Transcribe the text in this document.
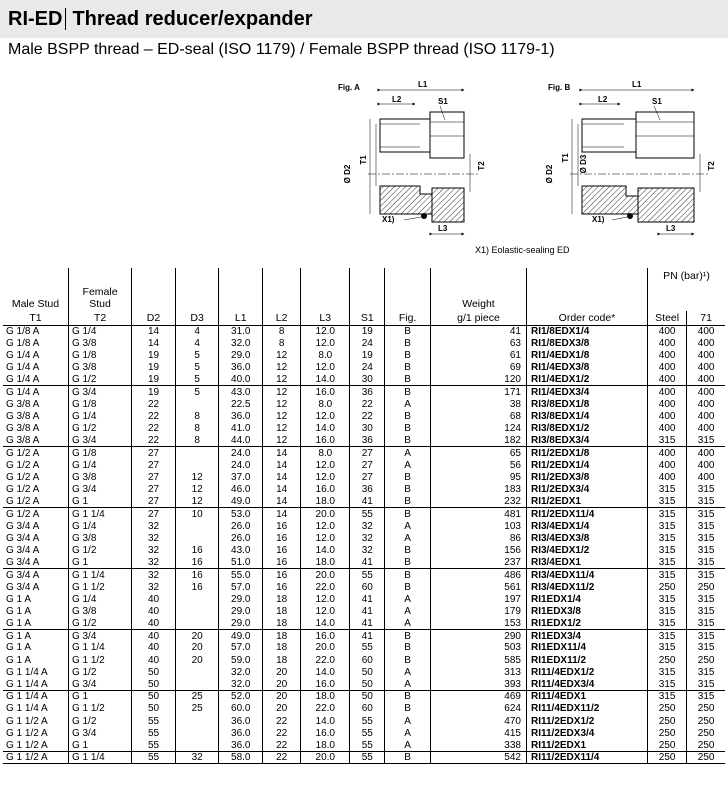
RI-ED Thread reducer/expander
Male BSPP thread – ED-seal (ISO 1179) / Female BSPP thread (ISO 1179-1)
Fig. A	L1
L2	S1
Ø D2
T1
T2
X1)
L3
Fig. B	L1
L2	S1
Ø D2
T1 Ø D3	T2
X1)
L3
X1) Eolastic-sealing ED
Male Stud	Female Stud								Weight		PN (bar)¹)	
T1	T2	D2	D3	L1	L2	L3	S1	Fig.	g/1 piece	Order code*	Steel	71
G 1/8 A	G 1/4	14	4	31.0	8	12.0	19	B	41	RI1/8EDX1/4	400	400
G 1/8 A	G 3/8	14	4	32.0	8	12.0	24	B	63	RI1/8EDX3/8	400	400
G 1/4 A	G 1/8	19	5	29.0	12	8.0	19	B	61	RI1/4EDX1/8	400	400
G 1/4 A	G 3/8	19	5	36.0	12	12.0	24	B	69	RI1/4EDX3/8	400	400
G 1/4 A	G 1/2	19	5	40.0	12	14.0	30	B	120	RI1/4EDX1/2	400	400
G 1/4 A	G 3/4	19	5	43.0	12	16.0	36	B	171	RI1/4EDX3/4	400	400
G 3/8 A	G 1/8	22		22.5	12	8.0	22	A	38	RI3/8EDX1/8	400	400
G 3/8 A	G 1/4	22	8	36.0	12	12.0	22	B	68	RI3/8EDX1/4	400	400
G 3/8 A	G 1/2	22	8	41.0	12	14.0	30	B	124	RI3/8EDX1/2	400	400
G 3/8 A	G 3/4	22	8	44.0	12	16.0	36	B	182	RI3/8EDX3/4	315	315
G 1/2 A	G 1/8	27		24.0	14	8.0	27	A	65	RI1/2EDX1/8	400	400
G 1/2 A	G 1/4	27		24.0	14	12.0	27	A	56	RI1/2EDX1/4	400	400
G 1/2 A	G 3/8	27	12	37.0	14	12.0	27	B	95	RI1/2EDX3/8	400	400
G 1/2 A	G 3/4	27	12	46.0	14	16.0	36	B	183	RI1/2EDX3/4	315	315
G 1/2 A	G 1	27	12	49.0	14	18.0	41	B	232	RI1/2EDX1	315	315
G 1/2 A	G 1 1/4	27	10	53.0	14	20.0	55	B	481	RI1/2EDX11/4	315	315
G 3/4 A	G 1/4	32		26.0	16	12.0	32	A	103	RI3/4EDX1/4	315	315
G 3/4 A	G 3/8	32		26.0	16	12.0	32	A	86	RI3/4EDX3/8	315	315
G 3/4 A	G 1/2	32	16	43.0	16	14.0	32	B	156	RI3/4EDX1/2	315	315
G 3/4 A	G 1	32	16	51.0	16	18.0	41	B	237	RI3/4EDX1	315	315
G 3/4 A	G 1 1/4	32	16	55.0	16	20.0	55	B	486	RI3/4EDX11/4	315	315
G 3/4 A	G 1 1/2	32	16	57.0	16	22.0	60	B	561	RI3/4EDX11/2	250	250
G 1 A	G 1/4	40		29.0	18	12.0	41	A	197	RI1EDX1/4	315	315
G 1 A	G 3/8	40		29.0	18	12.0	41	A	179	RI1EDX3/8	315	315
G 1 A	G 1/2	40		29.0	18	14.0	41	A	153	RI1EDX1/2	315	315
G 1 A	G 3/4	40	20	49.0	18	16.0	41	B	290	RI1EDX3/4	315	315
G 1 A	G 1 1/4	40	20	57.0	18	20.0	55	B	503	RI1EDX11/4	315	315
G 1 A	G 1 1/2	40	20	59.0	18	22.0	60	B	585	RI1EDX11/2	250	250
G 1 1/4 A	G 1/2	50		32.0	20	14.0	50	A	313	RI11/4EDX1/2	315	315
G 1 1/4 A	G 3/4	50		32.0	20	16.0	50	A	393	RI11/4EDX3/4	315	315
G 1 1/4 A	G 1	50	25	52.0	20	18.0	50	B	469	RI11/4EDX1	315	315
G 1 1/4 A	G 1 1/2	50	25	60.0	20	22.0	60	B	624	RI11/4EDX11/2	250	250
G 1 1/2 A	G 1/2	55		36.0	22	14.0	55	A	470	RI11/2EDX1/2	250	250
G 1 1/2 A	G 3/4	55		36.0	22	16.0	55	A	415	RI11/2EDX3/4	250	250
G 1 1/2 A	G 1	55		36.0	22	18.0	55	A	338	RI11/2EDX1	250	250
G 1 1/2 A	G 1 1/4	55	32	58.0	22	20.0	55	B	542	RI11/2EDX11/4	250	250
